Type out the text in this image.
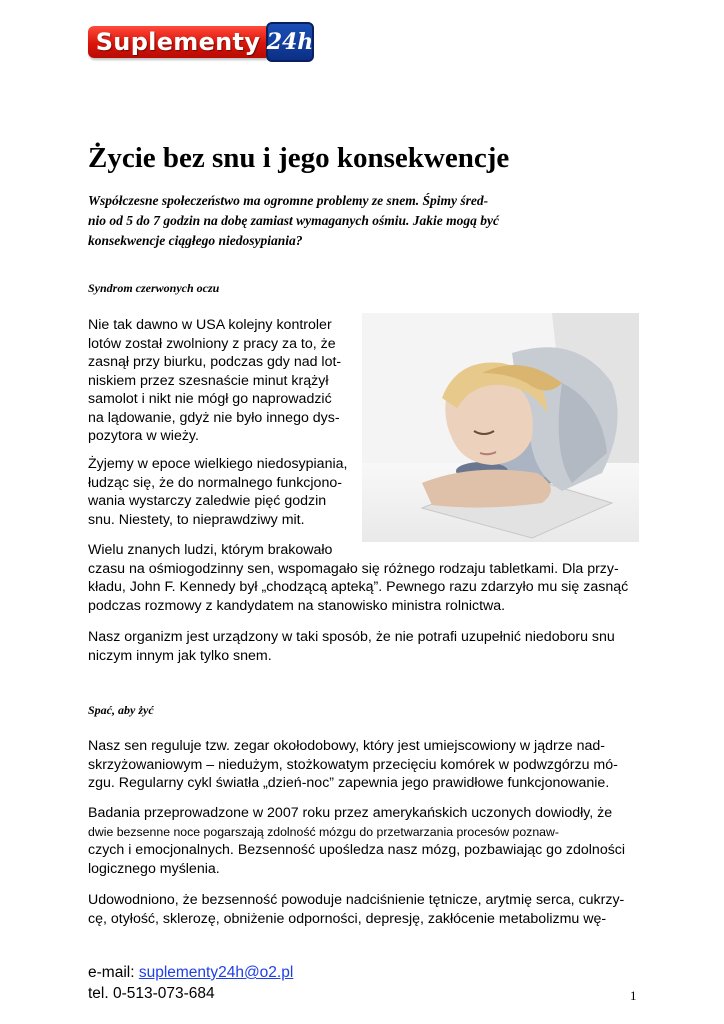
Suplementy 24h
Życie bez snu i jego konsekwencje

Współczesne społeczeństwo ma ogromne problemy ze snem. Śpimy śred-
nio od 5 do 7 godzin na dobę zamiast wymaganych ośmiu. Jakie mogą być
konsekwencje ciągłego niedosypiania?

Syndrom czerwonych oczu
Nie tak dawno w USA kolejny kontroler
lotów został zwolniony z pracy za to, że
zasnął przy biurku, podczas gdy nad lot-
niskiem przez szesnaście minut krążył
samolot i nikt nie mógł go naprowadzić
na lądowanie, gdyż nie było innego dys-
pozytora w wieży.
Żyjemy w epoce wielkiego niedosypiania,
łudząc się, że do normalnego funkcjono-
wania wystarczy zaledwie pięć godzin
snu. Niestety, to nieprawdziwy mit.
Wielu znanych ludzi, którym brakowało
czasu na ośmiogodzinny sen, wspomagało się różnego rodzaju tabletkami. Dla przy-
kładu, John F. Kennedy był „chodzącą apteką”. Pewnego razu zdarzyło mu się zasnąć
podczas rozmowy z kandydatem na stanowisko ministra rolnictwa.
Nasz organizm jest urządzony w taki sposób, że nie potrafi uzupełnić niedoboru snu
niczym innym jak tylko snem.
Spać, aby żyć
Nasz sen reguluje tzw. zegar okołodobowy, który jest umiejscowiony w jądrze nad-
skrzyżowaniowym – niedużym, stożkowatym przecięciu komórek w podwzgórzu mó-
zgu. Regularny cykl światła „dzień-noc” zapewnia jego prawidłowe funkcjonowanie.
Badania przeprowadzone w 2007 roku przez amerykańskich uczonych dowiodły, że
dwie bezsenne noce pogarszają zdolność mózgu do przetwarzania procesów poznaw-
czych i emocjonalnych. Bezsenność upośledza nasz mózg, pozbawiając go zdolności
logicznego myślenia.
Udowodniono, że bezsenność powoduje nadciśnienie tętnicze, arytmię serca, cukrzy-
cę, otyłość, sklerozę, obniżenie odporności, depresję, zakłócenie metabolizmu wę-
e-mail: suplementy24h@o2.pl
tel. 0-513-073-684	1
